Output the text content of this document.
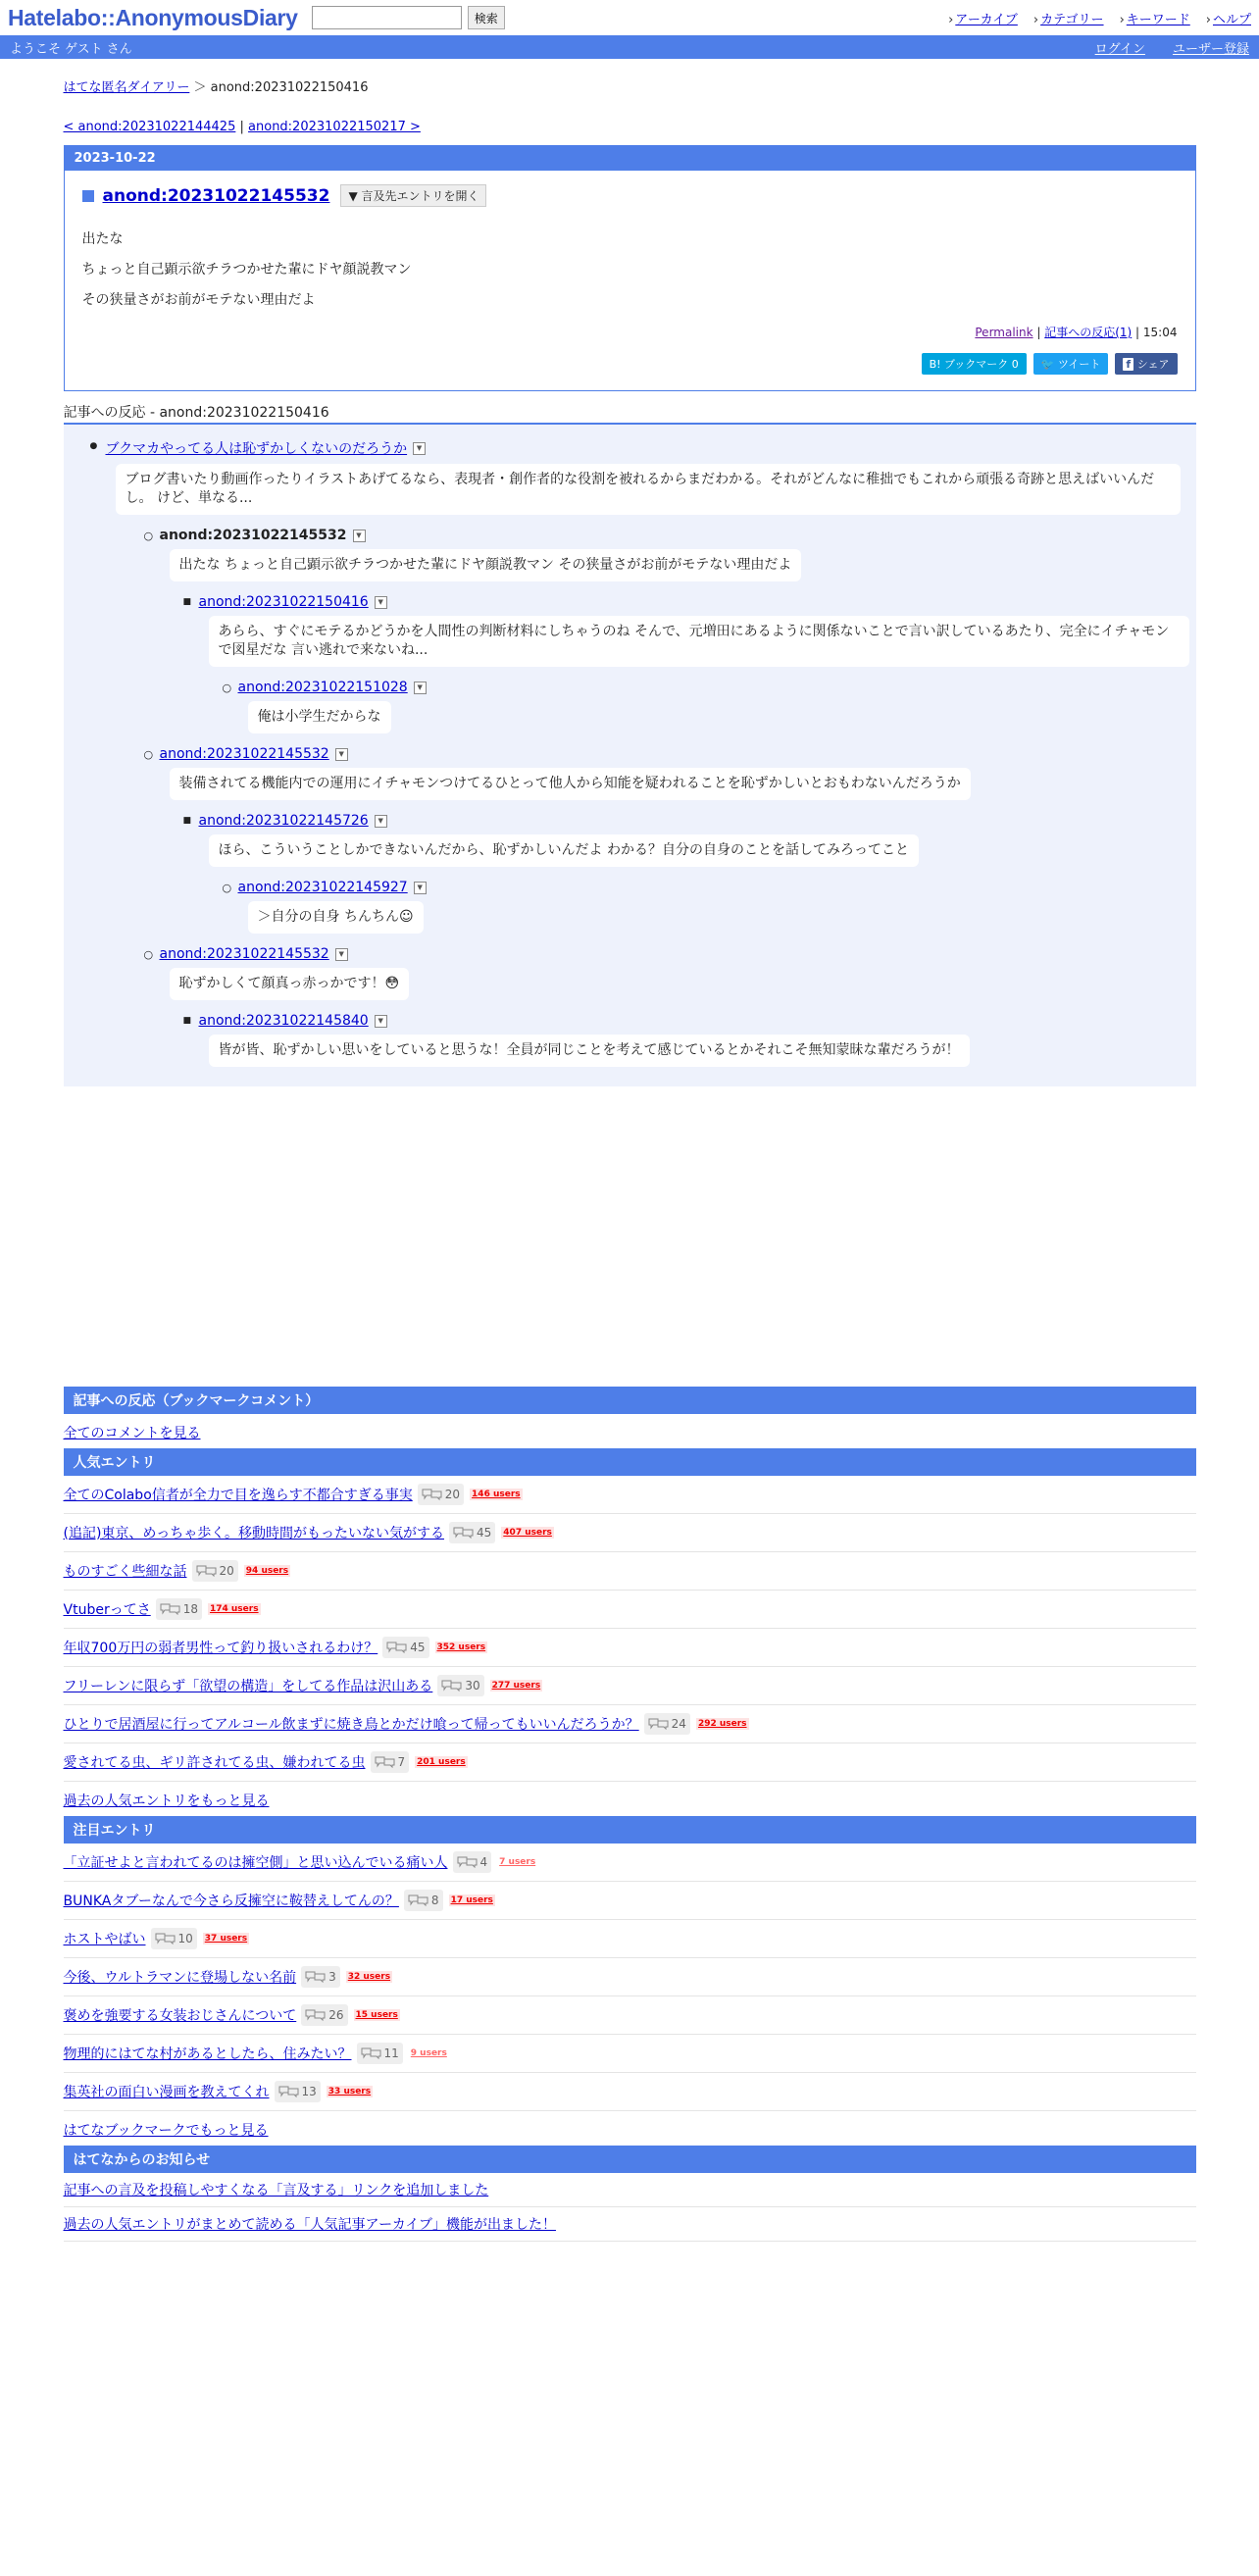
Hatelabo::AnonymousDiary	検索	› アーカイブ	› カテゴリー	› キーワード	› ヘルプ
ようこそ ゲスト さん	ログイン ユーザー登録
はてな匿名ダイアリー ＞ anond:20231022150416
< anond:20231022144425 | anond:20231022150217 >
2023-10-22
anond:20231022145532	▼ 言及先エントリを開く

出たな

ちょっと自己顕示欲チラつかせた輩にドヤ顔説教マン

その狭量さがお前がモテない理由だよ

Permalink | 記事への反応(1) | 15:04
B! ブックマーク 0	🐦 ツイート	f シェア
記事への反応 - anond:20231022150416
● ブクマカやってる人は恥ずかしくないのだろうか	▼
ブログ書いたり動画作ったりイラストあげてるなら、表現者・創作者的な役割を被れるからまだわかる。それがどんなに稚拙でもこれから頑張る奇跡と思えばいいんだし。 けど、単なる...
○ anond:20231022145532	▼
出たな ちょっと自己顕示欲チラつかせた輩にドヤ顔説教マン その狭量さがお前がモテない理由だよ
■ anond:20231022150416	▼
あらら、すぐにモテるかどうかを人間性の判断材料にしちゃうのね そんで、元増田にあるように関係ないことで言い訳しているあたり、完全にイチャモンで図星だな 言い逃れで来ないね...
○ anond:20231022151028	▼
俺は小学生だからな
○ anond:20231022145532	▼
装備されてる機能内での運用にイチャモンつけてるひとって他人から知能を疑われることを恥ずかしいとおもわないんだろうか
■ anond:20231022145726	▼
ほら、こういうことしかできないんだから、恥ずかしいんだよ わかる？自分の自身のことを話してみろってこと
○ anond:20231022145927	▼
＞自分の自身 ちんちん☺
○ anond:20231022145532	▼
恥ずかしくて顔真っ赤っかです！😳
■ anond:20231022145840	▼
皆が皆、恥ずかしい思いをしていると思うな！全員が同じことを考えて感じているとかそれこそ無知蒙昧な輩だろうが！
記事への反応（ブックマークコメント）
全てのコメントを見る
人気エントリ
全てのColabo信者が全力で目を逸らす不都合すぎる事実	20 146 users
(追記)東京、めっちゃ歩く。移動時間がもったいない気がする	45 407 users
ものすごく些細な話	20 94 users
Vtuberってさ	18 174 users
年収700万円の弱者男性って釣り扱いされるわけ？	45 352 users
フリーレンに限らず「欲望の構造」をしてる作品は沢山ある	30 277 users
ひとりで居酒屋に行ってアルコール飲まずに焼き鳥とかだけ喰って帰ってもいいんだろうか？	24 292 users
愛されてる虫、ギリ許されてる虫、嫌われてる虫	7 201 users
過去の人気エントリをもっと見る
注目エントリ
「立証せよと言われてるのは擁空側」と思い込んでいる痛い人	4 7 users
BUNKAタブーなんで今さら反擁空に鞍替えしてんの？	8 17 users
ホストやばい	10 37 users
今後、ウルトラマンに登場しない名前	3 32 users
褒めを強要する女装おじさんについて	26 15 users
物理的にはてな村があるとしたら、住みたい？	11 9 users
集英社の面白い漫画を教えてくれ	13 33 users
はてなブックマークでもっと見る
はてなからのお知らせ
記事への言及を投稿しやすくなる「言及する」リンクを追加しました
過去の人気エントリがまとめて読める「人気記事アーカイブ」機能が出ました！
